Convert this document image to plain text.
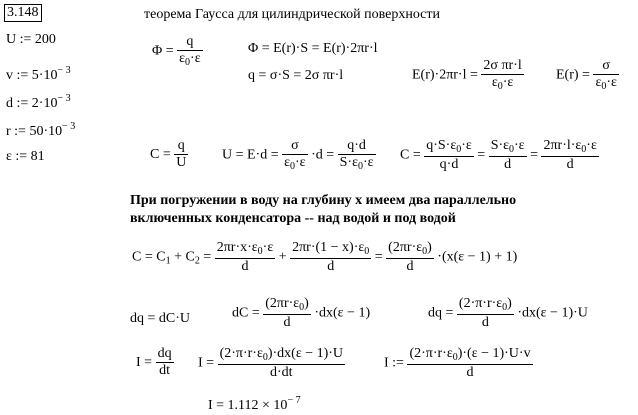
3.148
U := 200
v := $5\cdot 10^{- 3}$
d := $2\cdot 10^{- 3}$
r := $50\cdot 10^{- 3}$
ε := 81
теорема Гаусса для цилиндрической поверхности
$\Phi = \frac{q}{\varepsilon_0\cdot\varepsilon}$	Φ = E(r)·S = E(r)·2πr·l
q = σ·S = 2σ πr·l	$E(r)\cdot 2\pi r\cdot l = \frac{\text{2σ πr·l}}{\varepsilon_0\cdot\varepsilon} E(r) = \frac{\sigma}{\varepsilon_0\cdot\varepsilon}$
$C = \frac{q}{U}$ $U = E\cdot d = \frac{\sigma}{\varepsilon_0\cdot\varepsilon} \cdot d = \frac{q\cdot d}{S\cdot\varepsilon_0\cdot\varepsilon}$ $C = \frac{q\cdot S\cdot\varepsilon_0\cdot\varepsilon}{q\cdot d} = \frac{S\cdot\varepsilon_0\cdot\varepsilon}{d} = \frac{2\pi r\cdot l\cdot\varepsilon_0\cdot\varepsilon}{d}$
При погружении в воду на глубину х имеем два параллельно включенных конденсатора -- над водой и под водой
$C = C_1 + C_2 = \frac{2\pi r\cdot x\cdot\varepsilon_0\cdot\varepsilon}{d} + \frac{2\pi r\cdot(1 - x)\cdot\varepsilon_0}{d} = \frac{(2\pi r\cdot\varepsilon_0)}{d} \cdot(x(\varepsilon - 1) + 1)$
dq = dC·U	dC = $\frac{(2\pi r\cdot\varepsilon_0)}{d} \cdot dx(\varepsilon - 1)$	dq = $\frac{(2\cdot\pi\cdot r\cdot\varepsilon_0)}{d} \cdot dx(\varepsilon - 1)\cdot U$
$I = \frac{dq}{dt}$ $I = \frac{(2\cdot\pi\cdot r\cdot\varepsilon_0)\cdot dx(\varepsilon - 1)\cdot U}{d\cdot dt}$	I := $\frac{(2\cdot\pi\cdot r\cdot\varepsilon_0)\cdot(\varepsilon - 1)\cdot U\cdot v}{d}$
$I = 1.112 \times 10^{- 7}$
